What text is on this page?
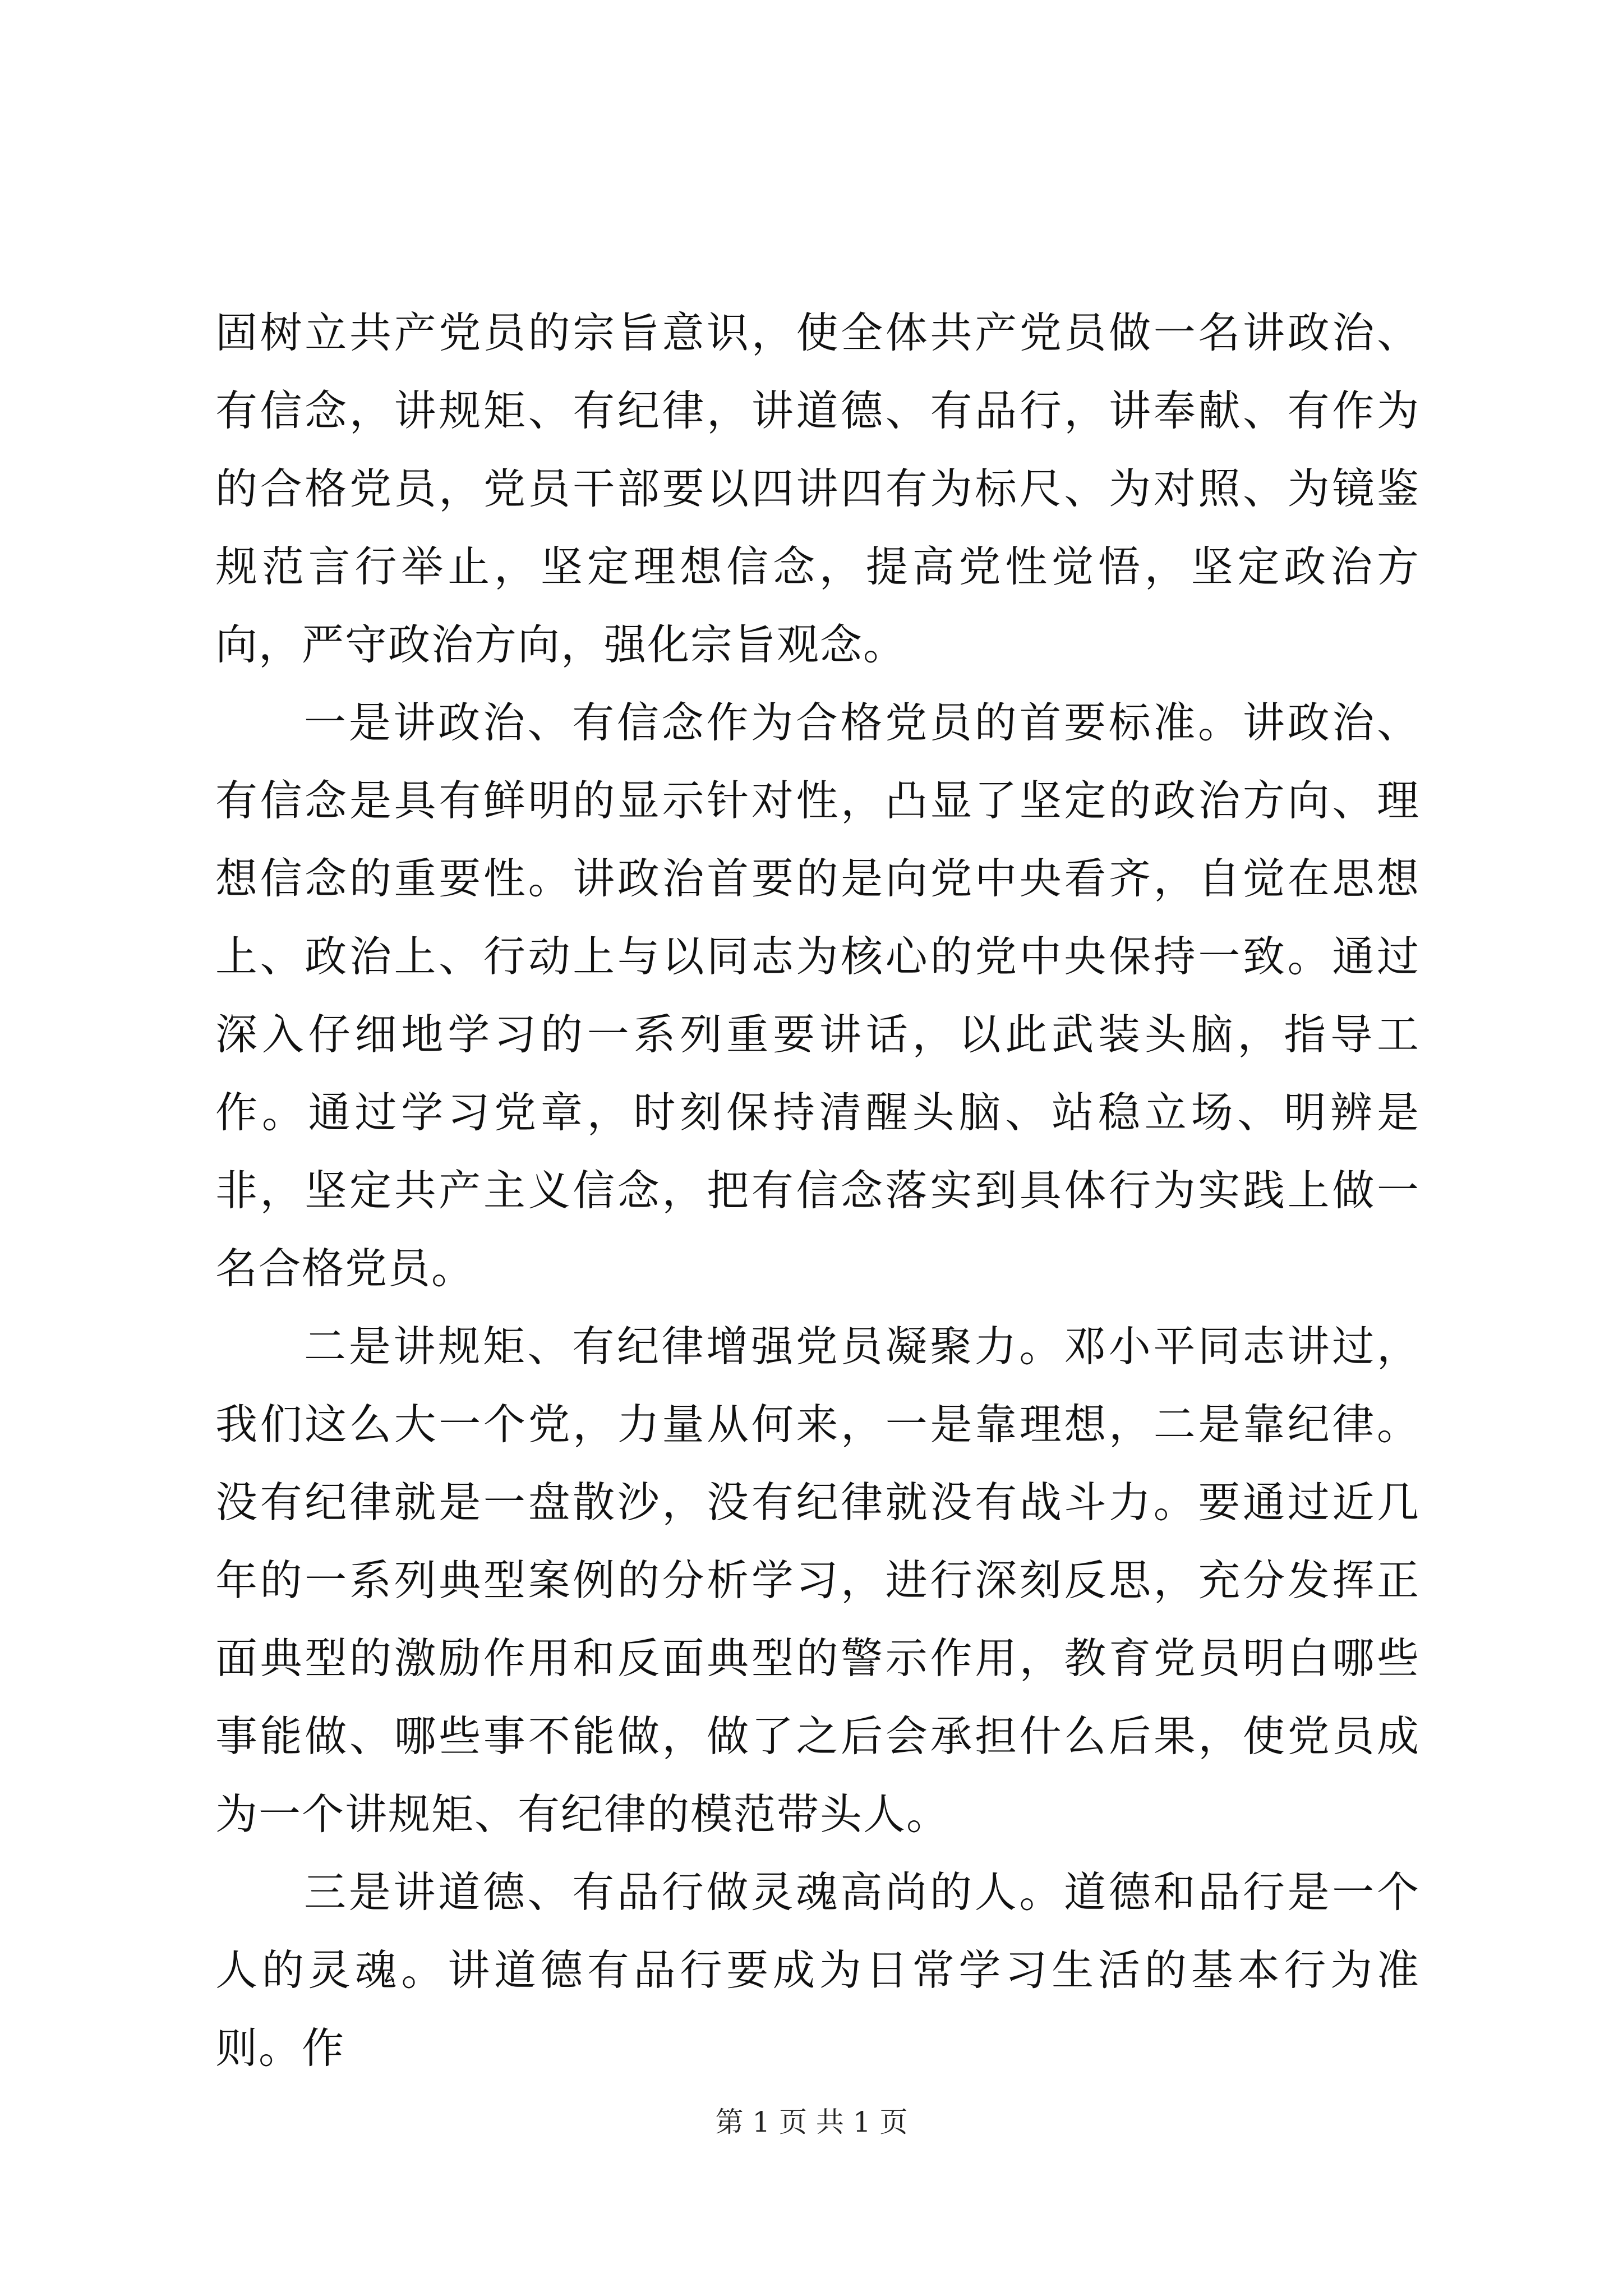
固树立共产党员的宗旨意识，使全体共产党员做一名讲政治、有信念，讲规矩、有纪律，讲道德、有品行，讲奉献、有作为的合格党员，党员干部要以四讲四有为标尺、为对照、为镜鉴规范言行举止，坚定理想信念，提高党性觉悟，坚定政治方向，严守政治方向，强化宗旨观念。

一是讲政治、有信念作为合格党员的首要标准。讲政治、有信念是具有鲜明的显示针对性，凸显了坚定的政治方向、理想信念的重要性。讲政治首要的是向党中央看齐，自觉在思想上、政治上、行动上与以同志为核心的党中央保持一致。通过深入仔细地学习的一系列重要讲话，以此武装头脑，指导工作。通过学习党章，时刻保持清醒头脑、站稳立场、明辨是非，坚定共产主义信念，把有信念落实到具体行为实践上做一名合格党员。

二是讲规矩、有纪律增强党员凝聚力。邓小平同志讲过，我们这么大一个党，力量从何来，一是靠理想，二是靠纪律。没有纪律就是一盘散沙，没有纪律就没有战斗力。要通过近几年的一系列典型案例的分析学习，进行深刻反思，充分发挥正面典型的激励作用和反面典型的警示作用，教育党员明白哪些事能做、哪些事不能做，做了之后会承担什么后果，使党员成为一个讲规矩、有纪律的模范带头人。

三是讲道德、有品行做灵魂高尚的人。道德和品行是一个人的灵魂。讲道德有品行要成为日常学习生活的基本行为准则。作

第 1 页 共 1 页
